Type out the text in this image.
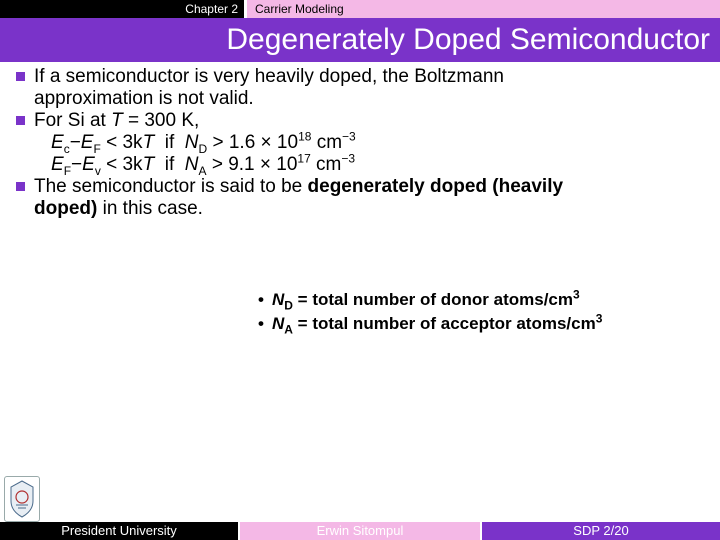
Chapter 2	Carrier Modeling
Degenerately Doped Semiconductor
If a semiconductor is very heavily doped, the Boltzmann
approximation is not valid.
For Si at T = 300 K,
$E_c-E_F < 3kT$  if  $N_D > 1.6 \times 10^{18}$ $cm^{-3}$
$E_F-E_v < 3kT$  if  $N_A > 9.1 \times 10^{17}$ $cm^{-3}$
The semiconductor is said to be degenerately doped (heavily
doped) in this case.
• $N_D$ = total number of donor atoms/$cm^3$
• $N_A$ = total number of acceptor atoms/$cm^3$
President University	Erwin Sitompul	SDP 2/20
